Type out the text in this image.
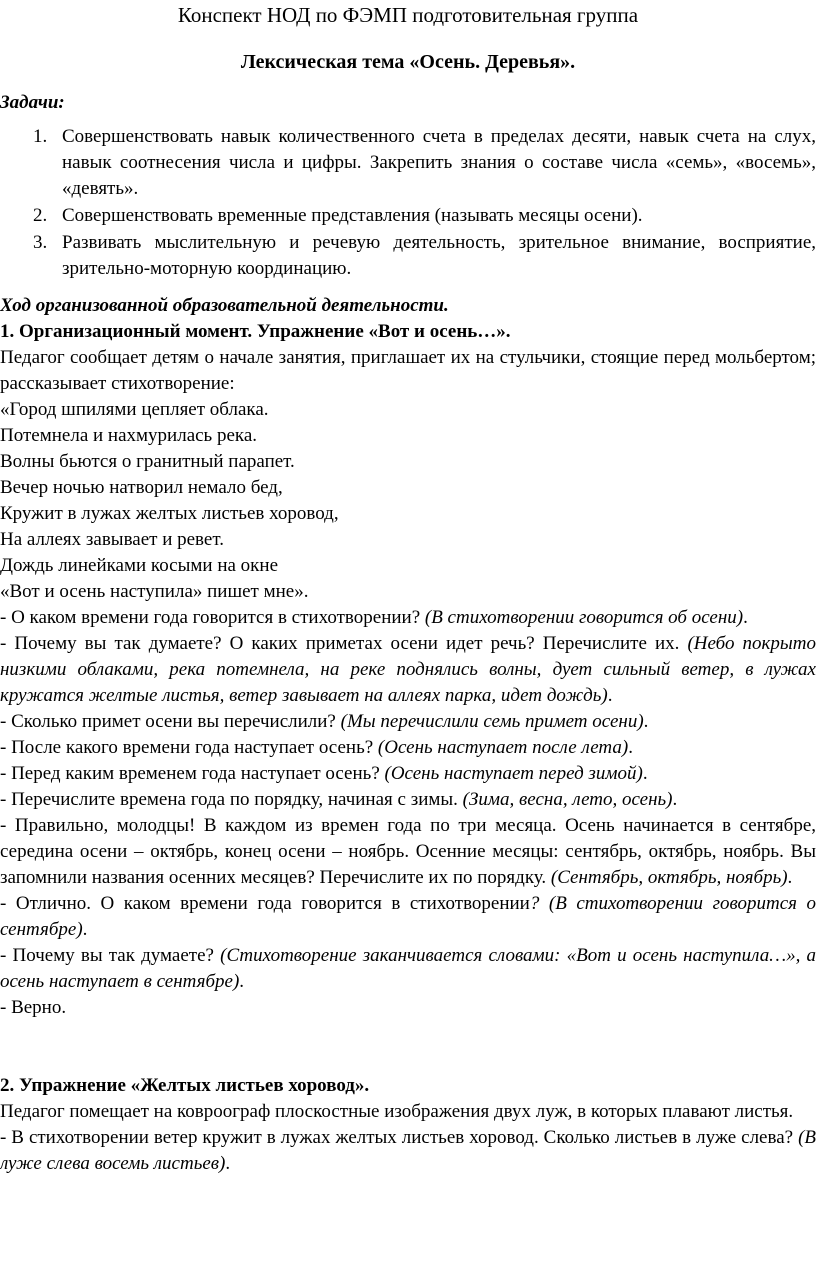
Конспект НОД по ФЭМП подготовительная группа
Лексическая тема «Осень. Деревья».
Задачи:
1. Совершенствовать навык количественного счета в пределах десяти, навык счета на слух, навык соотнесения числа и цифры. Закрепить знания о составе числа «семь», «восемь», «девять».
2. Совершенствовать временные представления (называть месяцы осени).
3. Развивать мыслительную и речевую деятельность, зрительное внимание, восприятие, зрительно-моторную координацию.

Ход организованной образовательной деятельности.

1. Организационный момент. Упражнение «Вот и осень…».

Педагог сообщает детям о начале занятия, приглашает их на стульчики, стоящие перед мольбертом; рассказывает стихотворение:

«Город шпилями цепляет облака.

Потемнела и нахмурилась река.

Волны бьются о гранитный парапет.

Вечер ночью натворил немало бед,

Кружит в лужах желтых листьев хоровод,

На аллеях завывает и ревет.

Дождь линейками косыми на окне

«Вот и осень наступила» пишет мне».

- О каком времени года говорится в стихотворении? (В стихотворении говорится об осени).

- Почему вы так думаете? О каких приметах осени идет речь? Перечислите их. (Небо покрыто низкими облаками, река потемнела, на реке поднялись волны, дует сильный ветер, в лужах кружатся желтые листья, ветер завывает на аллеях парка, идет дождь).

- Сколько примет осени вы перечислили? (Мы перечислили семь примет осени).

- После какого времени года наступает осень? (Осень наступает после лета).

- Перед каким временем года наступает осень? (Осень наступает перед зимой).

- Перечислите времена года по порядку, начиная с зимы. (Зима, весна, лето, осень).

- Правильно, молодцы! В каждом из времен года по три месяца. Осень начинается в сентябре, середина осени – октябрь, конец осени – ноябрь. Осенние месяцы: сентябрь, октябрь, ноябрь. Вы запомнили названия осенних месяцев? Перечислите их по порядку. (Сентябрь, октябрь, ноябрь).

- Отлично. О каком времени года говорится в стихотворении? (В стихотворении говорится о сентябре).

- Почему вы так думаете? (Стихотворение заканчивается словами: «Вот и осень наступила…», а осень наступает в сентябре).

- Верно.

2. Упражнение «Желтых листьев хоровод».

Педагог помещает на ковроограф плоскостные изображения двух луж, в которых плавают листья.

- В стихотворении ветер кружит в лужах желтых листьев хоровод. Сколько листьев в луже слева? (В луже слева восемь листьев).
